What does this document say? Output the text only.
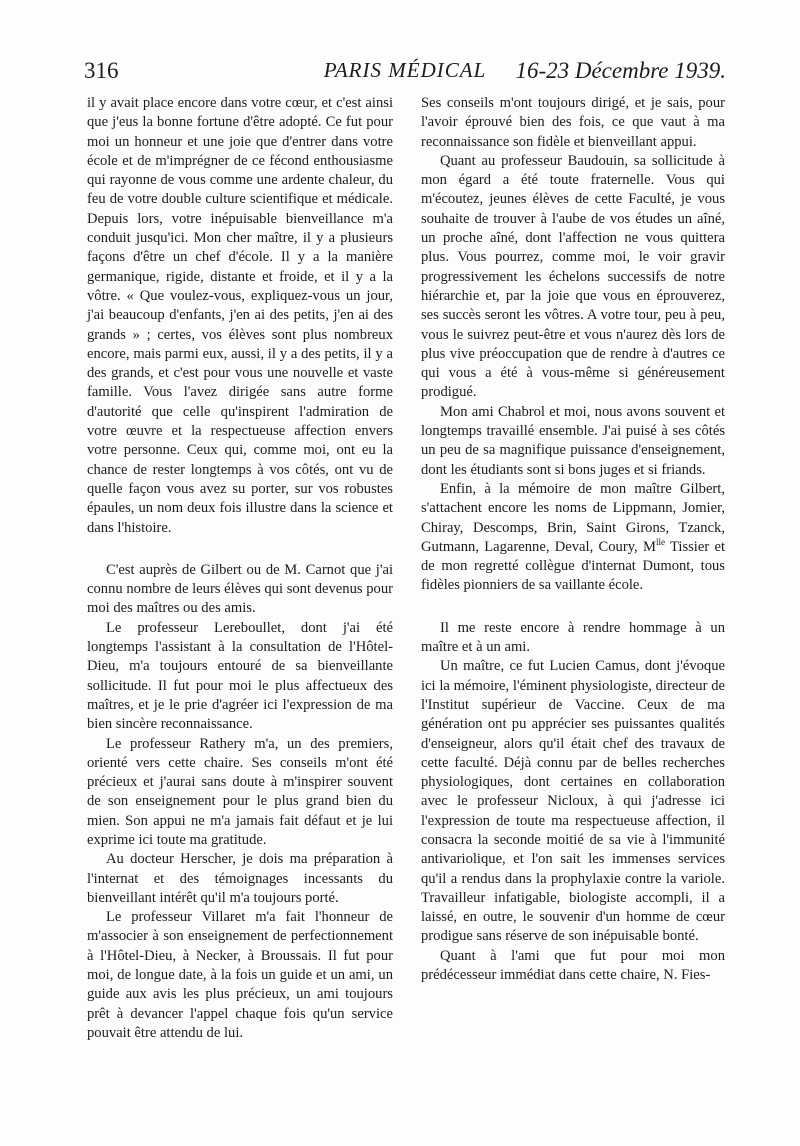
316	PARIS MÉDICAL	16-23 Décembre 1939.

il y avait place encore dans votre cœur, et c'est ainsi que j'eus la bonne fortune d'être adopté. Ce fut pour moi un honneur et une joie que d'entrer dans votre école et de m'imprégner de ce fécond enthousiasme qui rayonne de vous comme une ardente chaleur, du feu de votre double culture scientifique et médicale. Depuis lors, votre inépuisable bienveillance m'a conduit jusqu'ici. Mon cher maître, il y a plusieurs façons d'être un chef d'école. Il y a la manière germanique, rigide, distante et froide, et il y a la vôtre. « Que voulez-vous, expliquez-vous un jour, j'ai beaucoup d'enfants, j'en ai des petits, j'en ai des grands » ; certes, vos élèves sont plus nombreux encore, mais parmi eux, aussi, il y a des petits, il y a des grands, et c'est pour vous une nouvelle et vaste famille. Vous l'avez dirigée sans autre forme d'autorité que celle qu'inspirent l'admiration de votre œuvre et la respectueuse affection envers votre personne. Ceux qui, comme moi, ont eu la chance de rester longtemps à vos côtés, ont vu de quelle façon vous avez su porter, sur vos robustes épaules, un nom deux fois illustre dans la science et dans l'histoire.

C'est auprès de Gilbert ou de M. Carnot que j'ai connu nombre de leurs élèves qui sont devenus pour moi des maîtres ou des amis.

Le professeur Lereboullet, dont j'ai été longtemps l'assistant à la consultation de l'Hôtel-Dieu, m'a toujours entouré de sa bienveillante sollicitude. Il fut pour moi le plus affectueux des maîtres, et je le prie d'agréer ici l'expression de ma bien sincère reconnaissance.

Le professeur Rathery m'a, un des premiers, orienté vers cette chaire. Ses conseils m'ont été précieux et j'aurai sans doute à m'inspirer souvent de son enseignement pour le plus grand bien du mien. Son appui ne m'a jamais fait défaut et je lui exprime ici toute ma gratitude.

Au docteur Herscher, je dois ma préparation à l'internat et des témoignages incessants du bienveillant intérêt qu'il m'a toujours porté.

Le professeur Villaret m'a fait l'honneur de m'associer à son enseignement de perfectionnement à l'Hôtel-Dieu, à Necker, à Broussais. Il fut pour moi, de longue date, à la fois un guide et un ami, un guide aux avis les plus précieux, un ami toujours prêt à devancer l'appel chaque fois qu'un service pouvait être attendu de lui.

Ses conseils m'ont toujours dirigé, et je sais, pour l'avoir éprouvé bien des fois, ce que vaut à ma reconnaissance son fidèle et bienveillant appui.

Quant au professeur Baudouin, sa sollicitude à mon égard a été toute fraternelle. Vous qui m'écoutez, jeunes élèves de cette Faculté, je vous souhaite de trouver à l'aube de vos études un aîné, un proche aîné, dont l'affection ne vous quittera plus. Vous pourrez, comme moi, le voir gravir progressivement les échelons successifs de notre hiérarchie et, par la joie que vous en éprouverez, ses succès seront les vôtres. A votre tour, peu à peu, vous le suivrez peut-être et vous n'aurez dès lors de plus vive préoccupation que de rendre à d'autres ce qui vous a été à vous-même si généreusement prodigué.

Mon ami Chabrol et moi, nous avons souvent et longtemps travaillé ensemble. J'ai puisé à ses côtés un peu de sa magnifique puissance d'enseignement, dont les étudiants sont si bons juges et si friands.

Enfin, à la mémoire de mon maître Gilbert, s'attachent encore les noms de Lippmann, Jomier, Chiray, Descomps, Brin, Saint Girons, Tzanck, Gutmann, Lagarenne, Deval, Coury, $M^{lle}$ Tissier et de mon regretté collègue d'internat Dumont, tous fidèles pionniers de sa vaillante école.

Il me reste encore à rendre hommage à un maître et à un ami.

Un maître, ce fut Lucien Camus, dont j'évoque ici la mémoire, l'éminent physiologiste, directeur de l'Institut supérieur de Vaccine. Ceux de ma génération ont pu apprécier ses puissantes qualités d'enseigneur, alors qu'il était chef des travaux de cette faculté. Déjà connu par de belles recherches physiologiques, dont certaines en collaboration avec le professeur Nicloux, à qui j'adresse ici l'expression de toute ma respectueuse affection, il consacra la seconde moitié de sa vie à l'immunité antivariolique, et l'on sait les immenses services qu'il a rendus dans la prophylaxie contre la variole. Travailleur infatigable, biologiste accompli, il a laissé, en outre, le souvenir d'un homme de cœur prodigue sans réserve de son inépuisable bonté.

Quant à l'ami que fut pour moi mon prédécesseur immédiat dans cette chaire, N. Fies-
